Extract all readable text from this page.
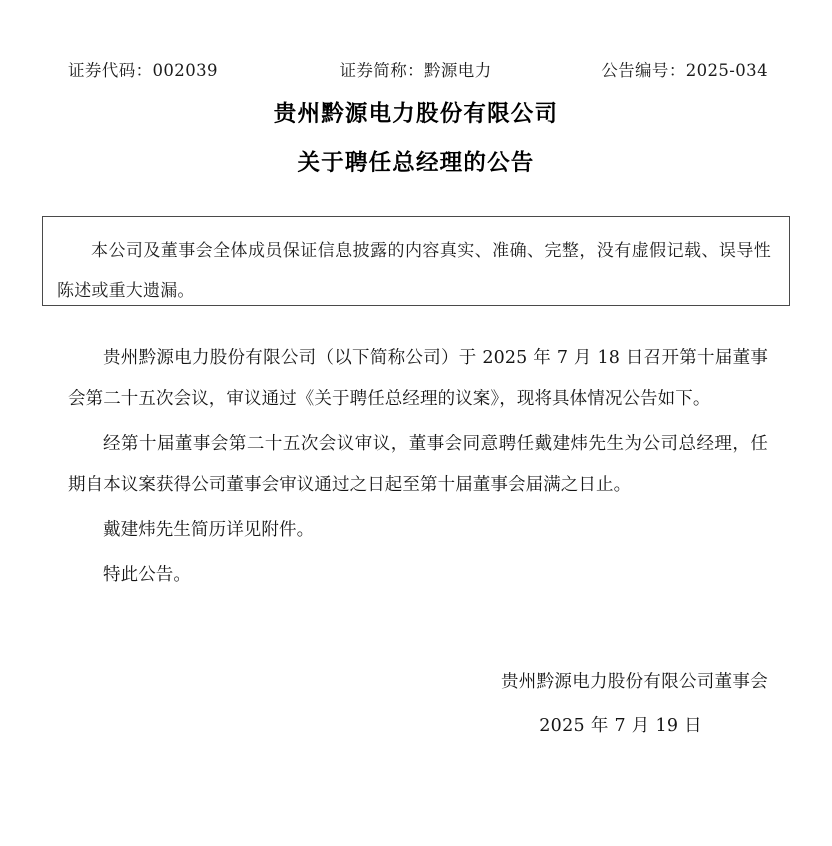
证券代码：002039	证券简称：黔源电力	公告编号：2025-034
贵州黔源电力股份有限公司
关于聘任总经理的公告

本公司及董事会全体成员保证信息披露的内容真实、准确、完整，没有虚假记载、误导性陈述或重大遗漏。

贵州黔源电力股份有限公司（以下简称公司）于 2025 年 7 月 18 日召开第十届董事会第二十五次会议，审议通过《关于聘任总经理的议案》，现将具体情况公告如下。

经第十届董事会第二十五次会议审议，董事会同意聘任戴建炜先生为公司总经理，任期自本议案获得公司董事会审议通过之日起至第十届董事会届满之日止。

戴建炜先生简历详见附件。

特此公告。

贵州黔源电力股份有限公司董事会
2025 年 7 月 19 日
